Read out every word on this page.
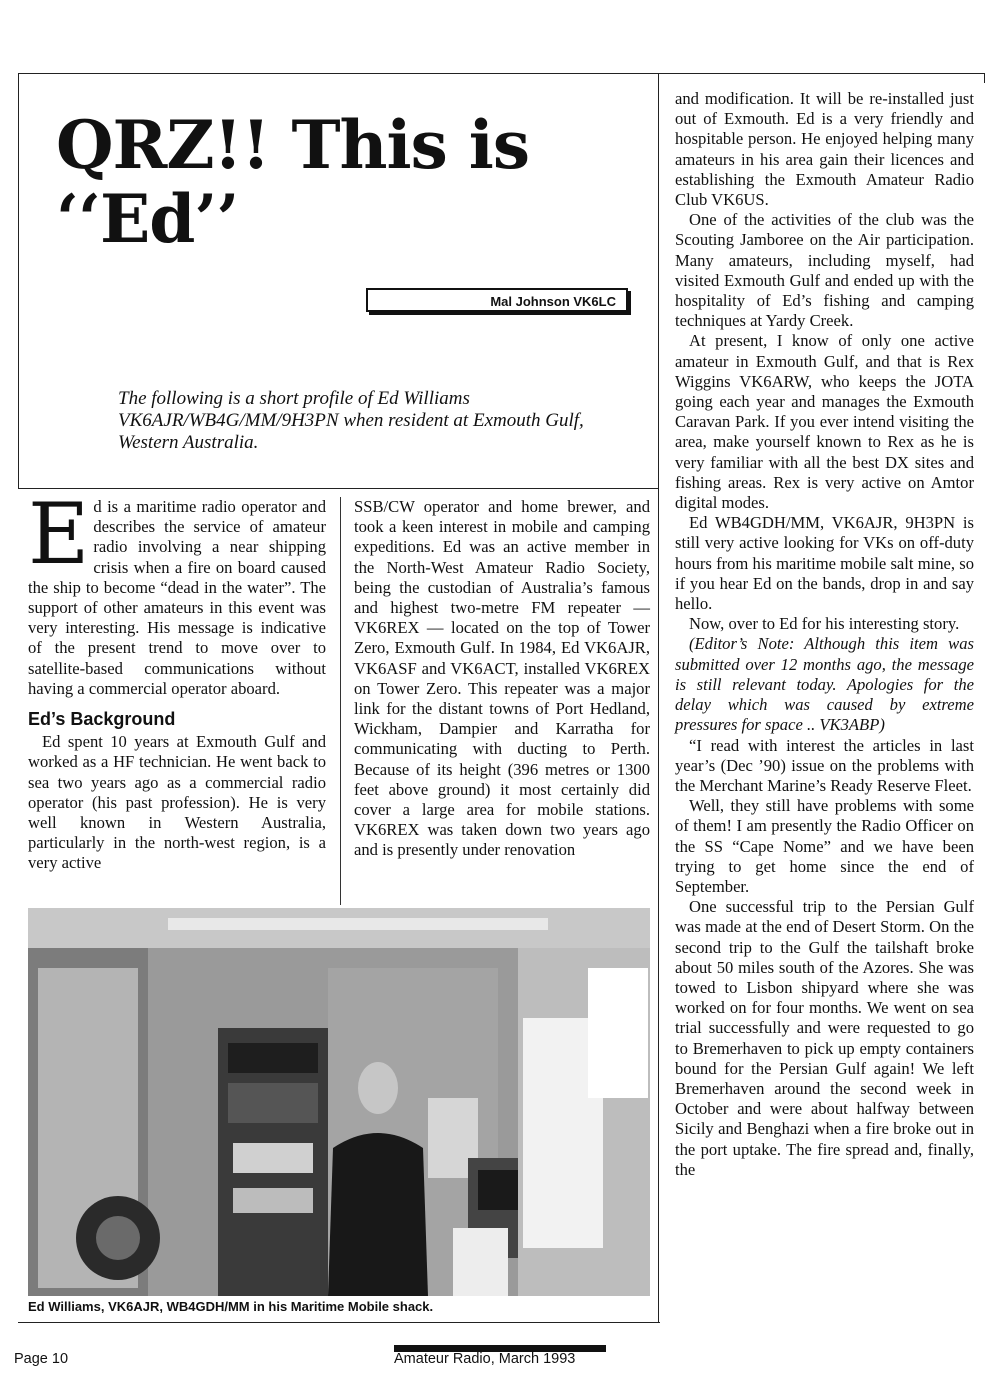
QRZ!! This is
‘‘Ed’’
Mal Johnson VK6LC

The following is a short profile of Ed Williams VK6AJR/WB4G/MM/9H3PN when resident at Exmouth Gulf, Western Australia.

Ed is a maritime radio operator and describes the service of amateur radio involving a near shipping crisis when a fire on board caused the ship to become “dead in the water”. The support of other amateurs in this event was very interesting. His message is indicative of the present trend to move over to satellite-based communications without having a commercial operator aboard.

Ed’s Background

Ed spent 10 years at Exmouth Gulf and worked as a HF technician. He went back to sea two years ago as a commercial radio operator (his past profession). He is very well known in Western Australia, particularly in the north-west region, is a very active

SSB/CW operator and home brewer, and took a keen interest in mobile and camping expeditions. Ed was an active member in the North-West Amateur Radio Society, being the custodian of Australia’s famous and highest two-metre FM repeater — VK6REX — located on the top of Tower Zero, Exmouth Gulf. In 1984, Ed VK6AJR, VK6ASF and VK6ACT, installed VK6REX on Tower Zero. This repeater was a major link for the distant towns of Port Hedland, Wickham, Dampier and Karratha for communicating with ducting to Perth. Because of its height (396 metres or 1300 feet above ground) it most certainly did cover a large area for mobile stations. VK6REX was taken down two years ago and is presently under renovation

and modification. It will be re-installed just out of Exmouth. Ed is a very friendly and hospitable person. He enjoyed helping many amateurs in his area gain their licences and establishing the Exmouth Amateur Radio Club VK6US.

One of the activities of the club was the Scouting Jamboree on the Air participation. Many amateurs, including myself, had visited Exmouth Gulf and ended up with the hospitality of Ed’s fishing and camping techniques at Yardy Creek.

At present, I know of only one active amateur in Exmouth Gulf, and that is Rex Wiggins VK6ARW, who keeps the JOTA going each year and manages the Exmouth Caravan Park. If you ever intend visiting the area, make yourself known to Rex as he is very familiar with all the best DX sites and fishing areas. Rex is very active on Amtor digital modes.

Ed WB4GDH/MM, VK6AJR, 9H3PN is still very active looking for VKs on off-duty hours from his maritime mobile salt mine, so if you hear Ed on the bands, drop in and say hello.

Now, over to Ed for his interesting story.

(Editor’s Note: Although this item was submitted over 12 months ago, the message is still relevant today. Apologies for the delay which was caused by extreme pressures for space .. VK3ABP)

“I read with interest the articles in last year’s (Dec ’90) issue on the problems with the Merchant Marine’s Ready Reserve Fleet.

Well, they still have problems with some of them! I am presently the Radio Officer on the SS “Cape Nome” and we have been trying to get home since the end of September.

One successful trip to the Persian Gulf was made at the end of Desert Storm. On the second trip to the Gulf the tailshaft broke about 50 miles south of the Azores. She was towed to Lisbon shipyard where she was worked on for four months. We went on sea trial successfully and were requested to go to Bremerhaven to pick up empty containers bound for the Persian Gulf again! We left Bremerhaven around the second week in October and were about halfway between Sicily and Benghazi when a fire broke out in the port uptake. The fire spread and, finally, the

Ed Williams, VK6AJR, WB4GDH/MM in his Maritime Mobile shack.
Page 10	Amateur Radio, March 1993
